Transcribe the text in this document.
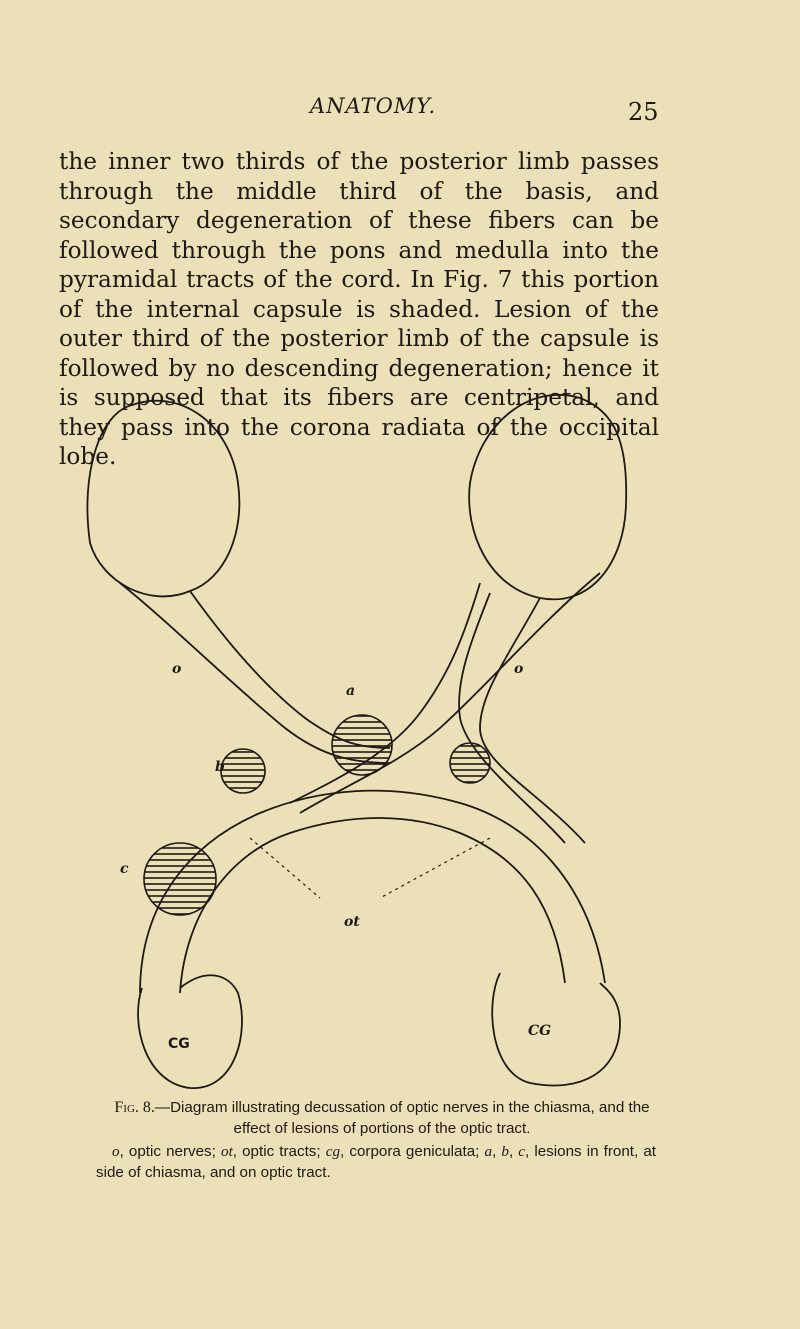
ANATOMY.	25

the inner two thirds of the posterior limb passes through the middle third of the basis, and secondary degeneration of these fibers can be followed through the pons and medulla into the pyramidal tracts of the cord. In Fig. 7 this portion of the internal capsule is shaded. Lesion of the outer third of the posterior limb of the capsule is followed by no descending degeneration; hence it is supposed that its fibers are centripetal, and they pass into the corona radiata of the occipital lobe.

o	o
a
b
c
ot
CG
CG

Fig. 8.—Diagram illustrating decussation of optic nerves in the chiasma, and the effect of lesions of portions of the optic tract.

o, optic nerves; ot, optic tracts; cg, corpora geniculata; a, b, c, lesions in front, at side of chiasma, and on optic tract.
